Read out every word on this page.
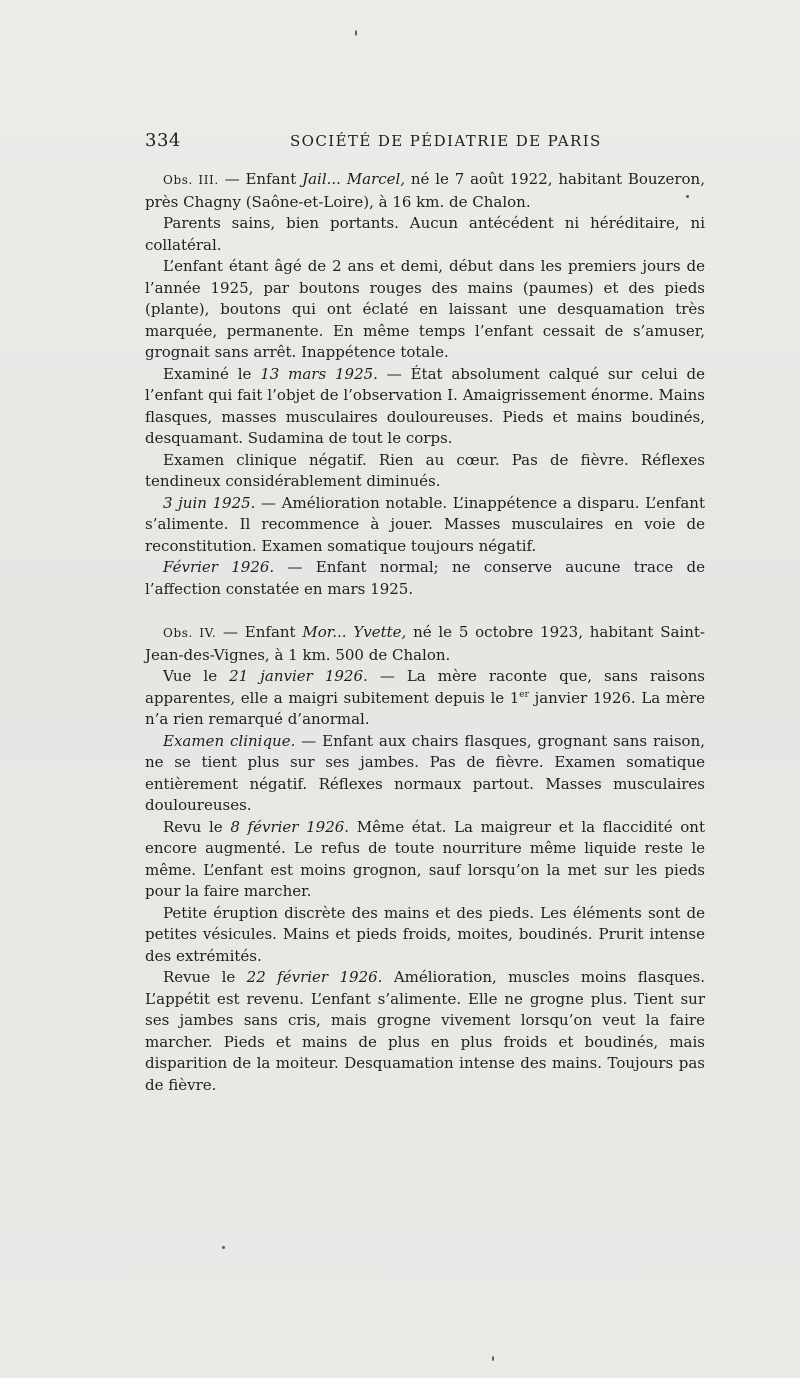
334	SOCIÉTÉ DE PÉDIATRIE DE PARIS

Obs. III. — Enfant Jail... Marcel, né le 7 août 1922, habitant Bouzeron, près Chagny (Saône-et-Loire), à 16 km. de Chalon.

Parents sains, bien portants. Aucun antécédent ni héréditaire, ni collatéral.

L’enfant étant âgé de 2 ans et demi, début dans les premiers jours de l’année 1925, par boutons rouges des mains (paumes) et des pieds (plante), boutons qui ont éclaté en laissant une desquamation très marquée, permanente. En même temps l’enfant cessait de s’amuser, grognait sans arrêt. Inappétence totale.

Examiné le 13 mars 1925. — État absolument calqué sur celui de l’enfant qui fait l’objet de l’observation I. Amaigrissement énorme. Mains flasques, masses musculaires douloureuses. Pieds et mains boudinés, desquamant. Sudamina de tout le corps.

Examen clinique négatif. Rien au cœur. Pas de fièvre. Réflexes tendineux considérablement diminués.

3 juin 1925. — Amélioration notable. L’inappétence a disparu. L’enfant s’alimente. Il recommence à jouer. Masses musculaires en voie de reconstitution. Examen somatique toujours négatif.

Février 1926. — Enfant normal; ne conserve aucune trace de l’affection constatée en mars 1925.

Obs. IV. — Enfant Mor... Yvette, né le 5 octobre 1923, habitant Saint-Jean-des-Vignes, à 1 km. 500 de Chalon.

Vue le 21 janvier 1926. — La mère raconte que, sans raisons apparentes, elle a maigri subitement depuis le 1er janvier 1926. La mère n’a rien remarqué d’anormal.

Examen clinique. — Enfant aux chairs flasques, grognant sans raison, ne se tient plus sur ses jambes. Pas de fièvre. Examen somatique entièrement négatif. Réflexes normaux partout. Masses musculaires douloureuses.

Revu le 8 février 1926. Même état. La maigreur et la flaccidité ont encore augmenté. Le refus de toute nourriture même liquide reste le même. L’enfant est moins grognon, sauf lorsqu’on la met sur les pieds pour la faire marcher.

Petite éruption discrète des mains et des pieds. Les éléments sont de petites vésicules. Mains et pieds froids, moites, boudinés. Prurit intense des extrémités.

Revue le 22 février 1926. Amélioration, muscles moins flasques. L’appétit est revenu. L’enfant s’alimente. Elle ne grogne plus. Tient sur ses jambes sans cris, mais grogne vivement lorsqu’on veut la faire marcher. Pieds et mains de plus en plus froids et boudinés, mais disparition de la moiteur. Desquamation intense des mains. Toujours pas de fièvre.
